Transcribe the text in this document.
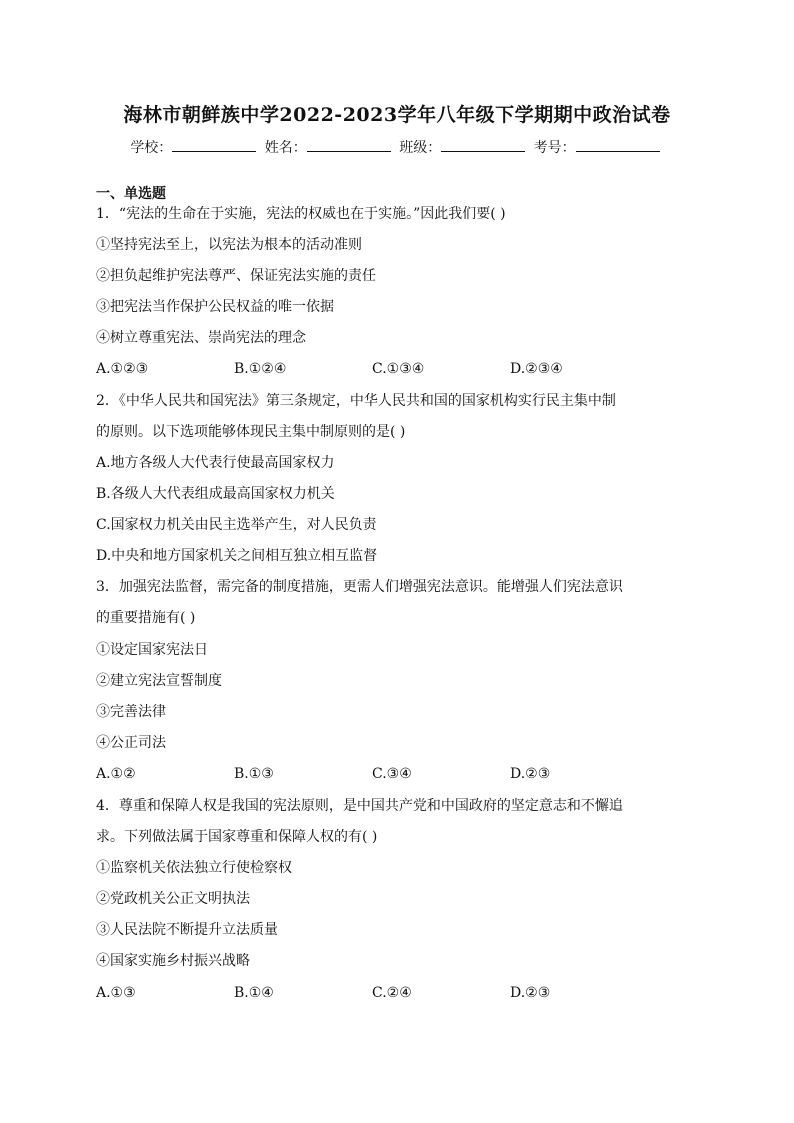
海林市朝鲜族中学2022-2023学年八年级下学期期中政治试卷
学校：	姓名：	班级：	考号：
一、单选题
1．“宪法的生命在于实施，宪法的权威也在于实施。”因此我们要( )
①坚持宪法至上，以宪法为根本的活动准则
②担负起维护宪法尊严、保证宪法实施的责任
③把宪法当作保护公民权益的唯一依据
④树立尊重宪法、崇尚宪法的理念
A.①②③	B.①②④	C.①③④	D.②③④
2．《中华人民共和国宪法》第三条规定，中华人民共和国的国家机构实行民主集中制
的原则。以下选项能够体现民主集中制原则的是( )
A.地方各级人大代表行使最高国家权力
B.各级人大代表组成最高国家权力机关
C.国家权力机关由民主选举产生，对人民负责
D.中央和地方国家机关之间相互独立相互监督
3．加强宪法监督，需完备的制度措施，更需人们增强宪法意识。能增强人们宪法意识
的重要措施有( )
①设定国家宪法日
②建立宪法宣誓制度
③完善法律
④公正司法
A.①②	B.①③	C.③④	D.②③
4．尊重和保障人权是我国的宪法原则，是中国共产党和中国政府的坚定意志和不懈追
求。下列做法属于国家尊重和保障人权的有( )
①监察机关依法独立行使检察权
②党政机关公正文明执法
③人民法院不断提升立法质量
④国家实施乡村振兴战略
A.①③	B.①④	C.②④	D.②③
